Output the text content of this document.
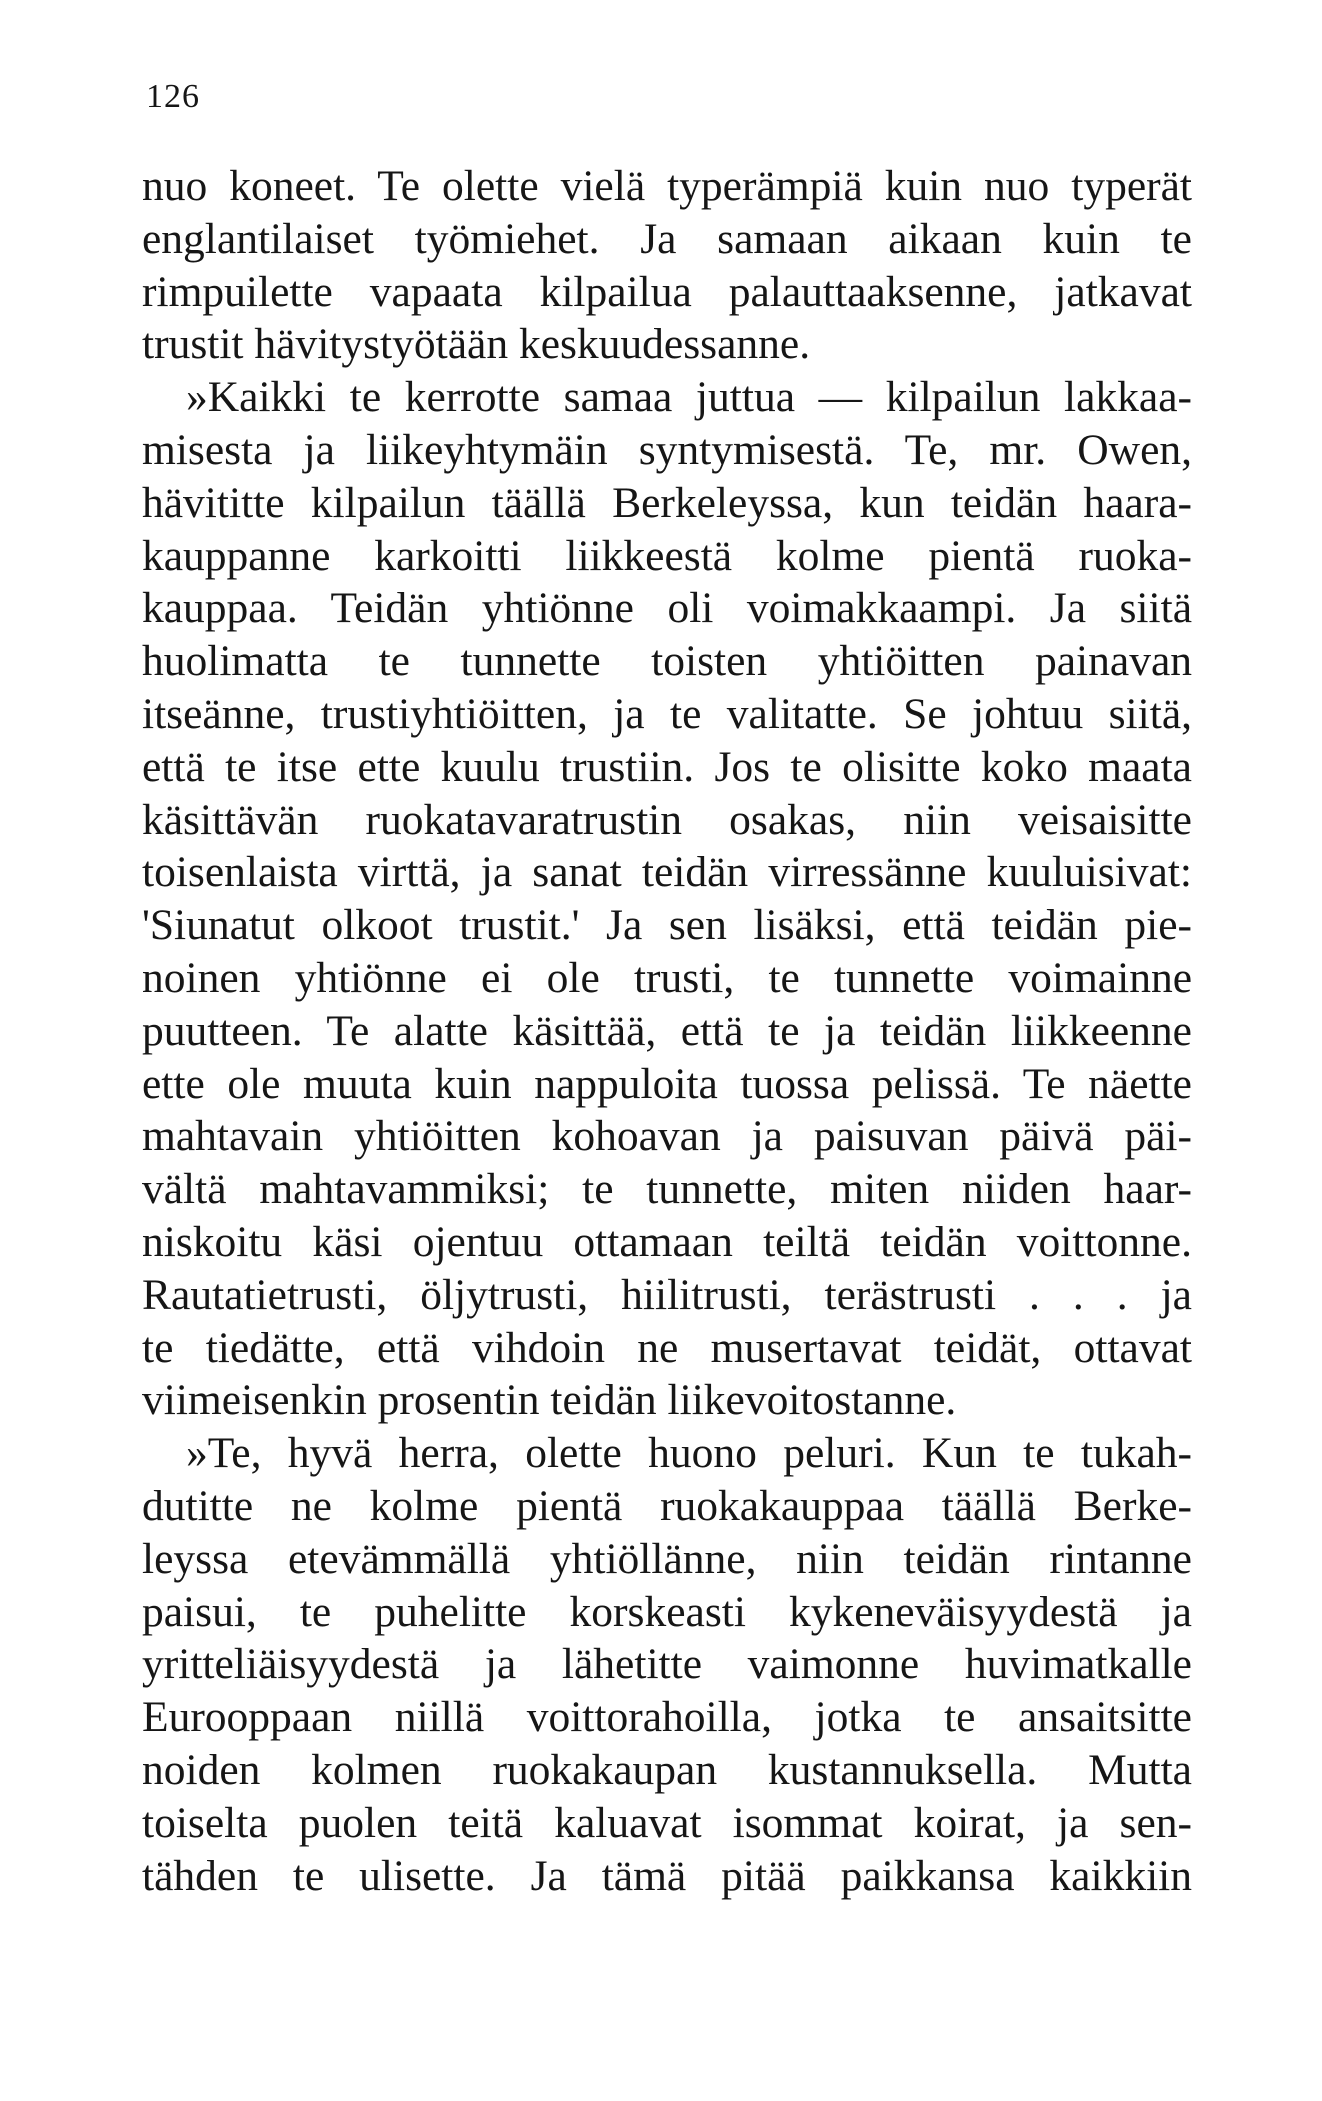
126
nuo koneet. Te olette vielä typerämpiä kuin nuo typerät
englantilaiset työmiehet. Ja samaan aikaan kuin te
rimpuilette vapaata kilpailua palauttaaksenne, jatkavat
trustit hävitystyötään keskuudessanne.
»Kaikki te kerrotte samaa juttua — kilpailun lakkaa-
misesta ja liikeyhtymäin syntymisestä. Te, mr. Owen,
hävititte kilpailun täällä Berkeleyssa, kun teidän haara-
kauppanne karkoitti liikkeestä kolme pientä ruoka-
kauppaa. Teidän yhtiönne oli voimakkaampi. Ja siitä
huolimatta te tunnette toisten yhtiöitten painavan
itseänne, trustiyhtiöitten, ja te valitatte. Se johtuu siitä,
että te itse ette kuulu trustiin. Jos te olisitte koko maata
käsittävän ruokatavaratrustin osakas, niin veisaisitte
toisenlaista virttä, ja sanat teidän virressänne kuuluisivat:
'Siunatut olkoot trustit.' Ja sen lisäksi, että teidän pie-
noinen yhtiönne ei ole trusti, te tunnette voimainne
puutteen. Te alatte käsittää, että te ja teidän liikkeenne
ette ole muuta kuin nappuloita tuossa pelissä. Te näette
mahtavain yhtiöitten kohoavan ja paisuvan päivä päi-
vältä mahtavammiksi; te tunnette, miten niiden haar-
niskoitu käsi ojentuu ottamaan teiltä teidän voittonne.
Rautatietrusti, öljytrusti, hiilitrusti, terästrusti . . . ja
te tiedätte, että vihdoin ne musertavat teidät, ottavat
viimeisenkin prosentin teidän liikevoitostanne.
»Te, hyvä herra, olette huono peluri. Kun te tukah-
dutitte ne kolme pientä ruokakauppaa täällä Berke-
leyssa etevämmällä yhtiöllänne, niin teidän rintanne
paisui, te puhelitte korskeasti kykeneväisyydestä ja
yritteliäisyydestä ja lähetitte vaimonne huvimatkalle
Eurooppaan niillä voittorahoilla, jotka te ansaitsitte
noiden kolmen ruokakaupan kustannuksella. Mutta
toiselta puolen teitä kaluavat isommat koirat, ja sen-
tähden te ulisette. Ja tämä pitää paikkansa kaikkiin
